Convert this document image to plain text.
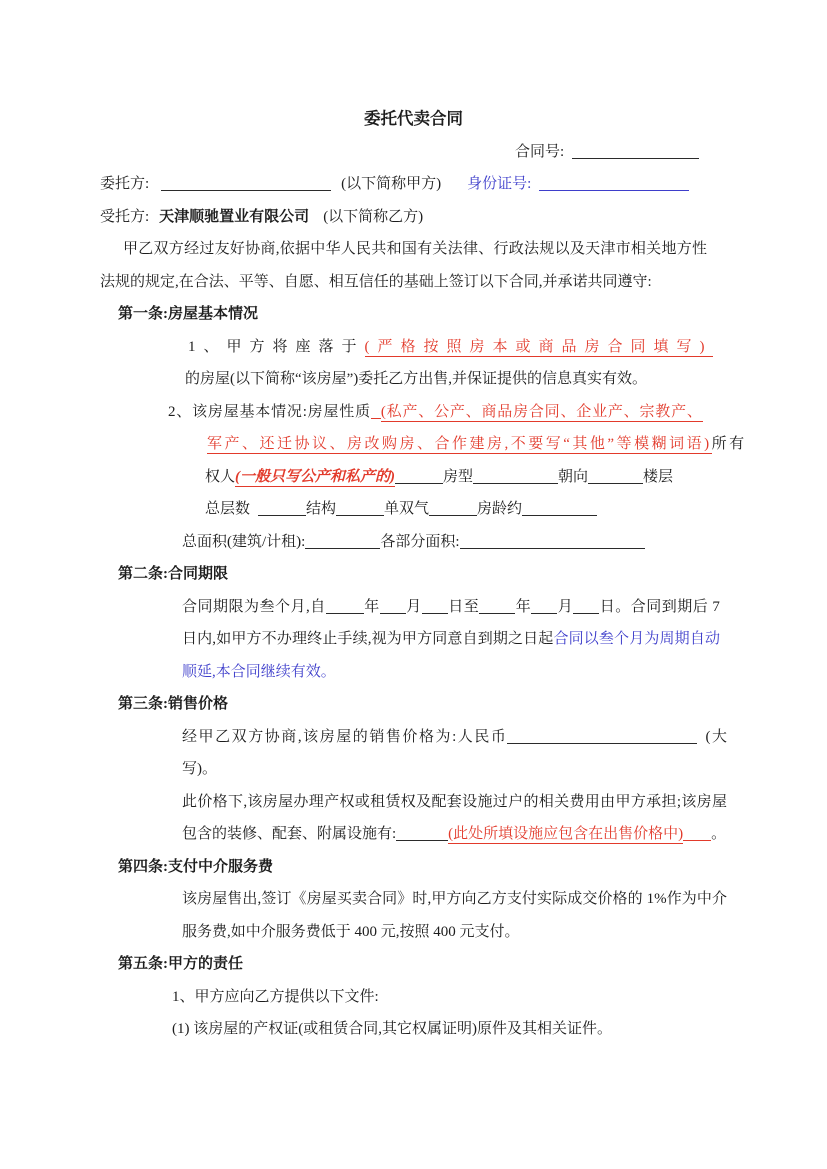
委托代卖合同
合同号:
委托方:	(以下简称甲方) 身份证号:
受托方: 天津顺驰置业有限公司 (以下简称乙方)
甲乙双方经过友好协商,依据中华人民共和国有关法律、行政法规以及天津市相关地方性法规的规定,在合法、平等、自愿、相互信任的基础上签订以下合同,并承诺共同遵守:
第一条:房屋基本情况
1、甲方将座落于(严格按照房本或商品房合同填写)
的房屋(以下简称“该房屋”)委托乙方出售,并保证提供的信息真实有效。
2、该房屋基本情况:房屋性质 (私产、公产、商品房合同、企业产、宗教产、
军产、还迁协议、房改购房、合作建房,不要写“其他”等模糊词语)所有
权人(一般只写公产和私产的)	房型	朝向	楼层
总层数	结构	单双气	房龄约
总面积(建筑/计租):	各部分面积:
第二条:合同期限
合同期限为叁个月,自	年 月 日至 年 月 日。合同到期后 7 日内,如甲方不办理终止手续,视为甲方同意自到期之日起合同以叁个月为周期自动顺延,本合同继续有效。
第三条:销售价格
经甲乙双方协商,该房屋的销售价格为:人民币	(大写)。
此价格下,该房屋办理产权或租赁权及配套设施过户的相关费用由甲方承担;该房屋包含的装修、配套、附属设施有:	(此处所填设施应包含在出售价格中) 。
第四条:支付中介服务费
该房屋售出,签订《房屋买卖合同》时,甲方向乙方支付实际成交价格的 1%作为中介服务费,如中介服务费低于 400 元,按照 400 元支付。
第五条:甲方的责任
1、甲方应向乙方提供以下文件:
(1) 该房屋的产权证(或租赁合同,其它权属证明)原件及其相关证件。
